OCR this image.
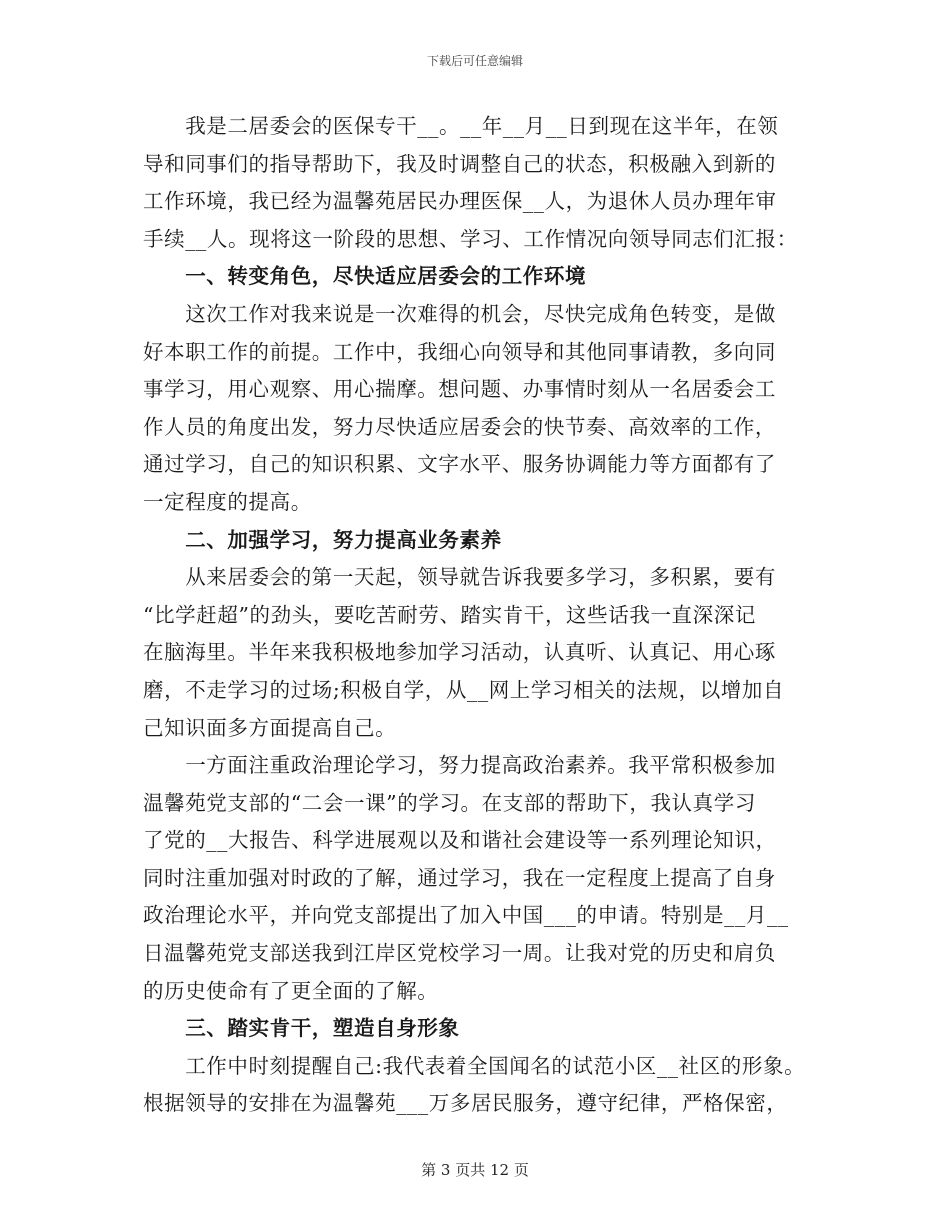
下载后可任意编辑
　　我是二居委会的医保专干__。__年__月__日到现在这半年，在领
导和同事们的指导帮助下，我及时调整自己的状态，积极融入到新的
工作环境，我已经为温馨苑居民办理医保__人，为退休人员办理年审
手续__人。现将这一阶段的思想、学习、工作情况向领导同志们汇报：
　　一、转变角色，尽快适应居委会的工作环境
　　这次工作对我来说是一次难得的机会，尽快完成角色转变，是做
好本职工作的前提。工作中，我细心向领导和其他同事请教，多向同
事学习，用心观察、用心揣摩。想问题、办事情时刻从一名居委会工
作人员的角度出发，努力尽快适应居委会的快节奏、高效率的工作，
通过学习，自己的知识积累、文字水平、服务协调能力等方面都有了
一定程度的提高。
　　二、加强学习，努力提高业务素养
　　从来居委会的第一天起，领导就告诉我要多学习，多积累，要有
“比学赶超”的劲头，要吃苦耐劳、踏实肯干，这些话我一直深深记
在脑海里。半年来我积极地参加学习活动，认真听、认真记、用心琢
磨，不走学习的过场;积极自学，从__网上学习相关的法规，以增加自
己知识面多方面提高自己。
　　一方面注重政治理论学习，努力提高政治素养。我平常积极参加
温馨苑党支部的“二会一课”的学习。在支部的帮助下，我认真学习
了党的__大报告、科学进展观以及和谐社会建设等一系列理论知识，
同时注重加强对时政的了解，通过学习，我在一定程度上提高了自身
政治理论水平，并向党支部提出了加入中国___的申请。特别是__月__
日温馨苑党支部送我到江岸区党校学习一周。让我对党的历史和肩负
的历史使命有了更全面的了解。
　　三、踏实肯干，塑造自身形象
　　工作中时刻提醒自己:我代表着全国闻名的试范小区__社区的形象。
根据领导的安排在为温馨苑___万多居民服务，遵守纪律，严格保密，
第 3 页共 12 页
